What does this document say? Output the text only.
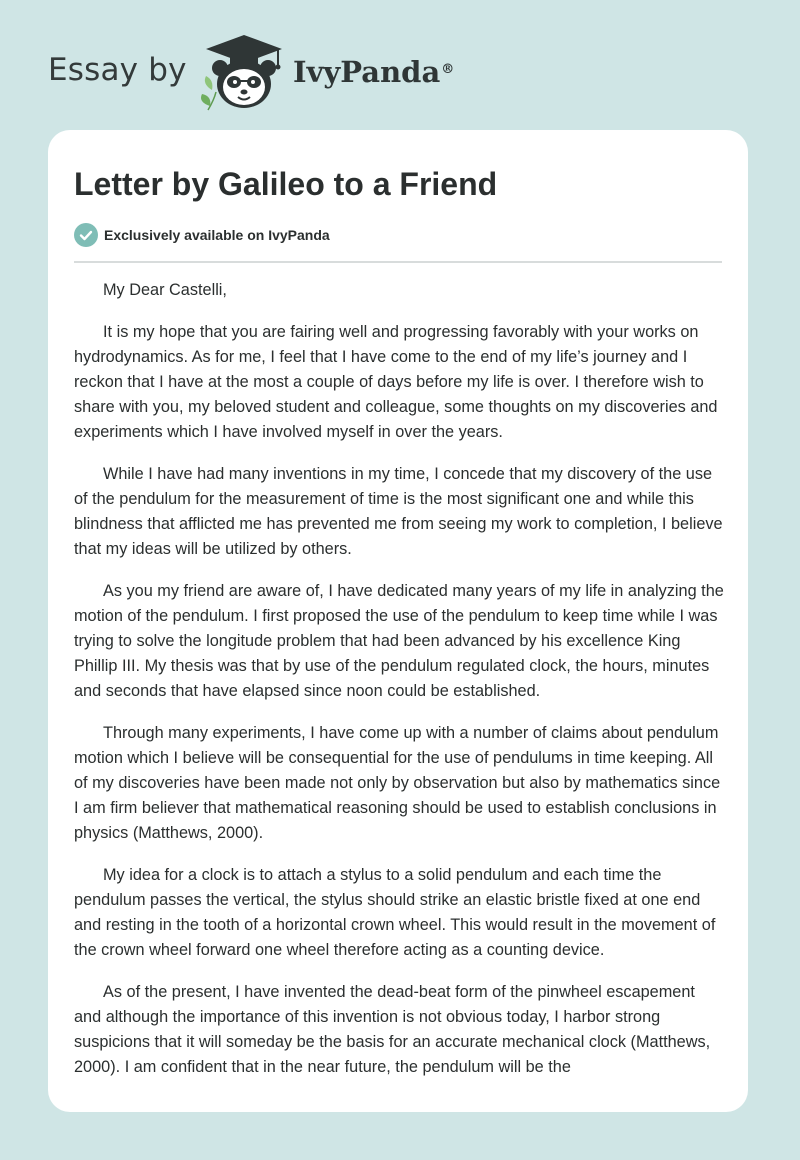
Essay by	IvyPanda®
Letter by Galileo to a Friend
Exclusively available on IvyPanda

My Dear Castelli,

It is my hope that you are fairing well and progressing favorably with your works on hydrodynamics. As for me, I feel that I have come to the end of my life’s journey and I reckon that I have at the most a couple of days before my life is over. I therefore wish to share with you, my beloved student and colleague, some thoughts on my discoveries and experiments which I have involved myself in over the years.

While I have had many inventions in my time, I concede that my discovery of the use of the pendulum for the measurement of time is the most significant one and while this blindness that afflicted me has prevented me from seeing my work to completion, I believe that my ideas will be utilized by others.

As you my friend are aware of, I have dedicated many years of my life in analyzing the motion of the pendulum. I first proposed the use of the pendulum to keep time while I was trying to solve the longitude problem that had been advanced by his excellence King Phillip III. My thesis was that by use of the pendulum regulated clock, the hours, minutes and seconds that have elapsed since noon could be established.

Through many experiments, I have come up with a number of claims about pendulum motion which I believe will be consequential for the use of pendulums in time keeping. All of my discoveries have been made not only by observation but also by mathematics since I am firm believer that mathematical reasoning should be used to establish conclusions in physics (Matthews, 2000).

My idea for a clock is to attach a stylus to a solid pendulum and each time the pendulum passes the vertical, the stylus should strike an elastic bristle fixed at one end and resting in the tooth of a horizontal crown wheel. This would result in the movement of the crown wheel forward one wheel therefore acting as a counting device.

As of the present, I have invented the dead-beat form of the pinwheel escapement and although the importance of this invention is not obvious today, I harbor strong suspicions that it will someday be the basis for an accurate mechanical clock (Matthews, 2000). I am confident that in the near future, the pendulum will be the
